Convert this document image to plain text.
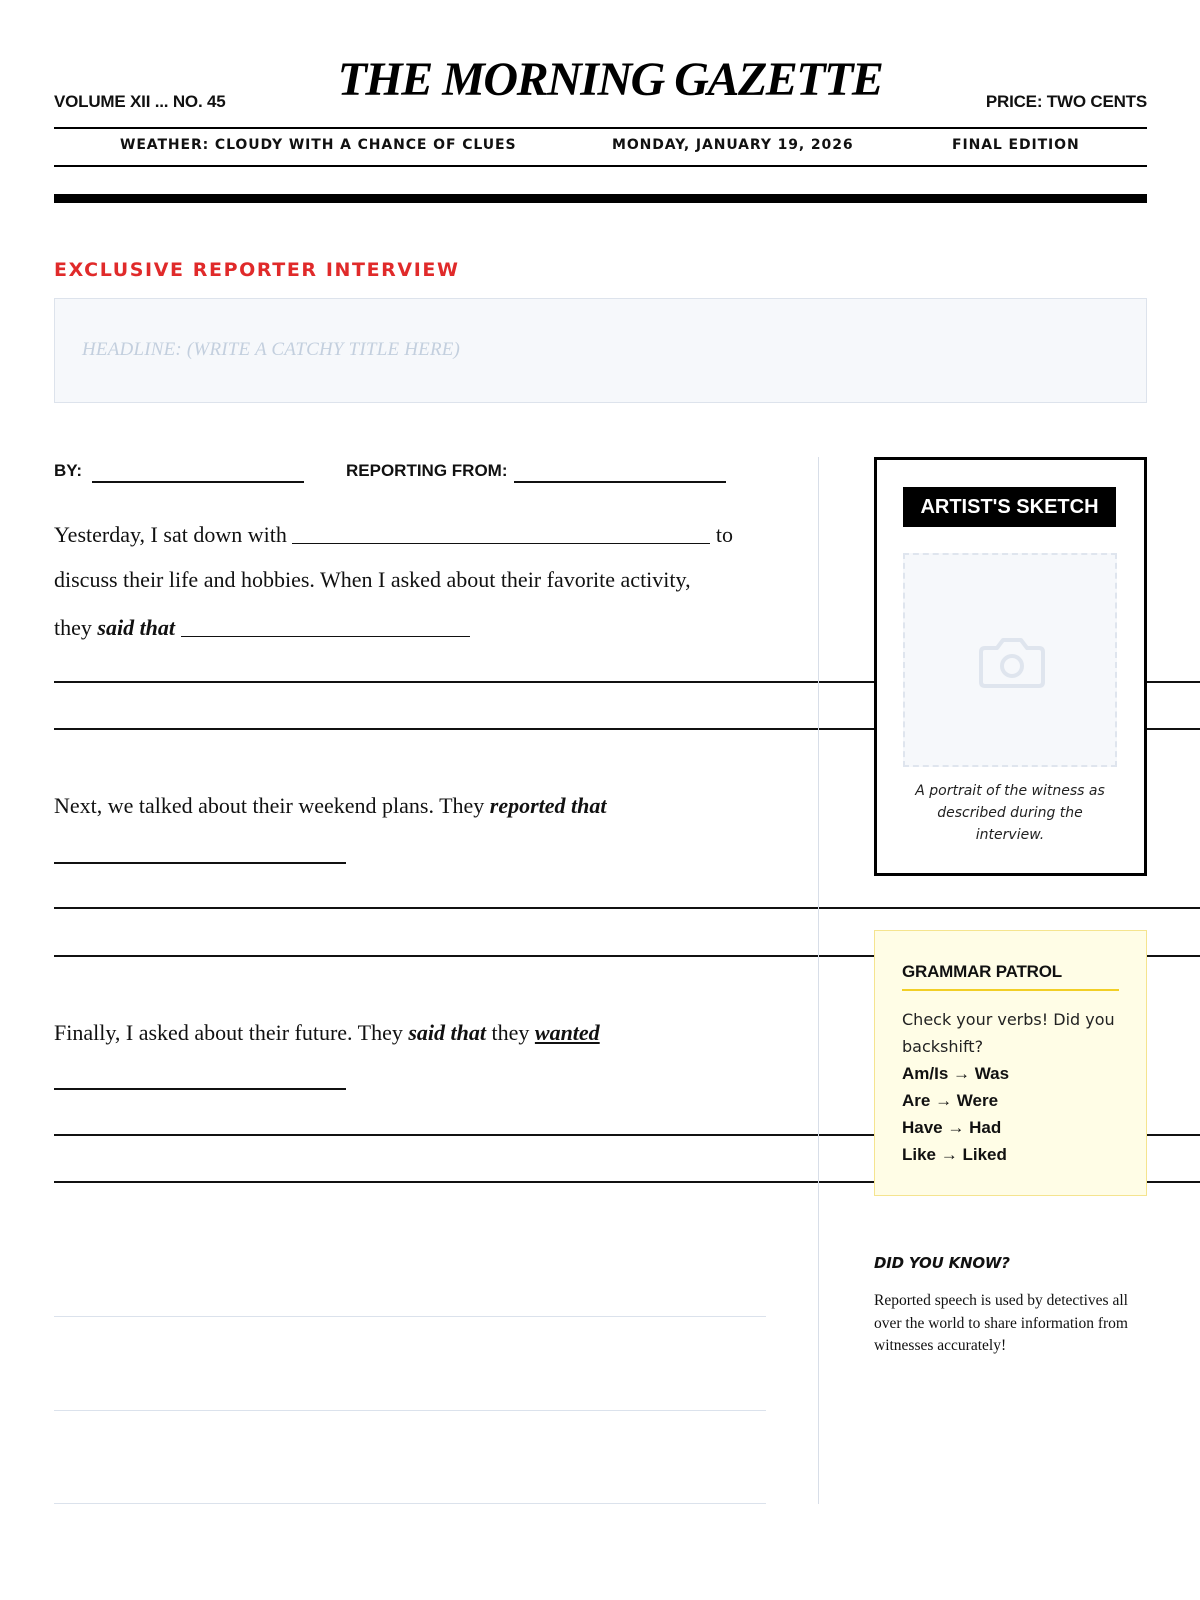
VOLUME XII ... NO. 45	THE MORNING GAZETTE	PRICE: TWO CENTS
WEATHER: CLOUDY WITH A CHANCE OF CLUES	MONDAY, JANUARY 19, 2026	FINAL EDITION
EXCLUSIVE REPORTER INTERVIEW
HEADLINE: (WRITE A CATCHY TITLE HERE)
BY:	REPORTING FROM:
Yesterday, I sat down with	to
discuss their life and hobbies. When I asked about their favorite activity,
they said that
Next, we talked about their weekend plans. They reported that
Finally, I asked about their future. They said that they wanted
ARTIST'S SKETCH
A portrait of the witness as described during the interview.
GRAMMAR PATROL
Check your verbs! Did you backshift?
Am/Is → Was
Are → Were
Have → Had
Like → Liked
DID YOU KNOW?
Reported speech is used by detectives all over the world to share information from witnesses accurately!
